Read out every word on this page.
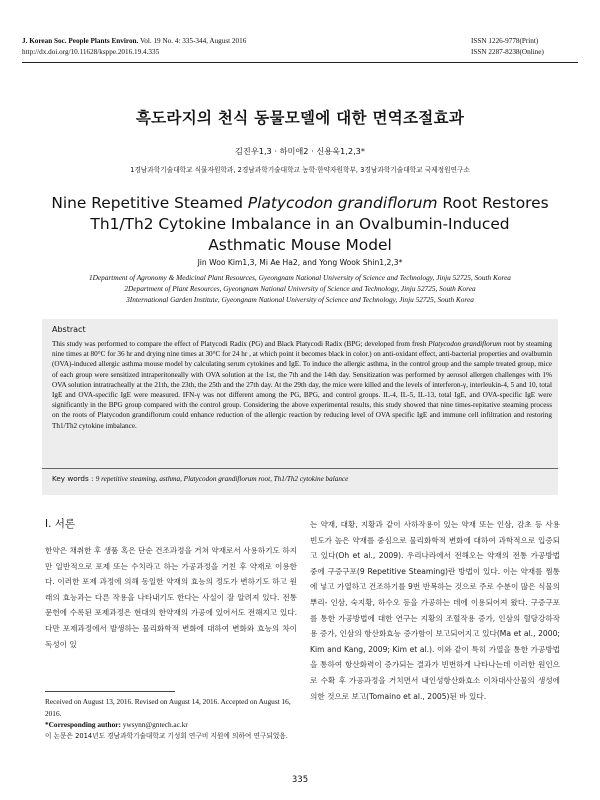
J. Korean Soc. People Plants Environ. Vol. 19 No. 4: 335-344, August 2016
http://dx.doi.org/10.11628/ksppe.2016.19.4.335
ISSN 1226-9778(Print)
ISSN 2287-8238(Online)
흑도라지의 천식 동물모델에 대한 면역조절효과
김진우1,3 · 하미애2 · 신용욱1,2,3*
1경남과학기술대학교 식물자원학과, 2경남과학기술대학교 농학·한약자원학부, 3경남과학기술대학교 국제정원연구소
Nine Repetitive Steamed Platycodon grandiflorum Root Restores
Th1/Th2 Cytokine Imbalance in an Ovalbumin-Induced
Asthmatic Mouse Model
Jin Woo Kim1,3, Mi Ae Ha2, and Yong Wook Shin1,2,3*
1Department of Agronomy & Medicinal Plant Resources, Gyeongnam National University of Science and Technology, Jinju 52725, South Korea
2Department of Plant Resources, Gyeongnam National University of Science and Technology, Jinju 52725, South Korea
3International Garden Institute, Gyeongnam National University of Science and Technology, Jinju 52725, South Korea
Abstract
This study was performed to compare the effect of Platycodi Radix (PG) and Black Platycodi Radix (BPG; developed from fresh Platycodon grandiflorum root by steaming nine times at 80°C for 36 hr and drying nine times at 30°C for 24 hr , at which point it becomes black in color.) on anti-oxidant effect, anti-bacterial properties and ovalbumin (OVA)-induced allergic asthma mouse model by calculating serum cytokines and IgE. To induce the allergic asthma, in the control group and the sample treated group, mice of each group were sensitized intraperitoneally with OVA solution at the 1st, the 7th and the 14th day. Sensitization was performed by aerosol allergen challenges with 1% OVA solution intratracheally at the 21th, the 23th, the 25th and the 27th day. At the 29th day, the mice were killed and the levels of interferon-γ, interleukin-4, 5 and 10, total IgE and OVA-specific IgE were measured. IFN-γ was not different among the PG, BPG, and control groups. IL-4, IL-5, IL-13, total IgE, and OVA-specific IgE were significantly in the BPG group compared with the control group. Considering the above experimental results, this study showed that nine times-repitative steaming process on the roots of Platycodon grandiflorum could enhance reduction of the allergic reaction by reducing level of OVA specific IgE and immune cell infiltration and restoring Th1/Th2 cytokine imbalance.
Key words : 9 repetitive steaming, asthma, Platycodon grandiflorum root, Th1/Th2 cytokine balance
Ⅰ. 서론
한약은 채취한 후 생품 혹은 단순 건조과정을 거쳐 약재로서 사용하기도 하지만 일반적으로 포제 또는 수치라고 하는 가공과정을 거친 후 약재로 이용한다. 이러한 포제 과정에 의해 동일한 약재의 효능의 정도가 변하기도 하고 원래의 효능과는 다른 작용을 나타내기도 한다는 사실이 잘 알려져 있다. 전통문헌에 수록된 포제과정은 현대의 한약재의 가공에 있어서도 전해지고 있다. 다만 포제과정에서 발생하는 물리화학적 변화에 대하여 변화와 효능의 차이 독성이 있
는 약재, 대황, 지황과 같이 사하작용이 있는 약재 또는 인삼, 감초 등 사용 빈도가 높은 약재를 중심으로 물리화학적 변화에 대하여 과학적으로 입증되고 있다(Oh et al., 2009). 우리나라에서 전해오는 약재의 전통 가공방법 중에 구증구포(9 Repetitive Steaming)란 방법이 있다. 이는 약재를 찜통에 넣고 가열하고 건조하기를 9번 반복하는 것으로 주로 수분이 많은 식물의 뿌리- 인삼, 숙지황, 하수오 등을 가공하는 데에 이용되어져 왔다. 구증구포를 통한 가공방법에 대한 연구는 지황의 조혈작용 증가, 인삼의 혈당강하작용 증가, 인삼의 항산화효능 증가함이 보고되어지고 있다(Ma et al., 2000; Kim and Kang, 2009; Kim et al.). 이와 같이 특히 가열을 통한 가공방법을 통하여 항산화력이 증가되는 결과가 빈번하게 나타나는데 이러한 원인으로 수확 후 가공과정을 거치면서 내인성항산화효소 이차대사산물의 생성에 의한 것으로 보고(Tomaino et al., 2005)된 바 있다.
Received on August 13, 2016. Revised on August 14, 2016. Accepted on August 16, 2016.
*Corresponding author: ywsynn@gntech.ac.kr
이 논문은 2014년도 경남과학기술대학교 기성회 연구비 지원에 의하여 연구되었음.
335
